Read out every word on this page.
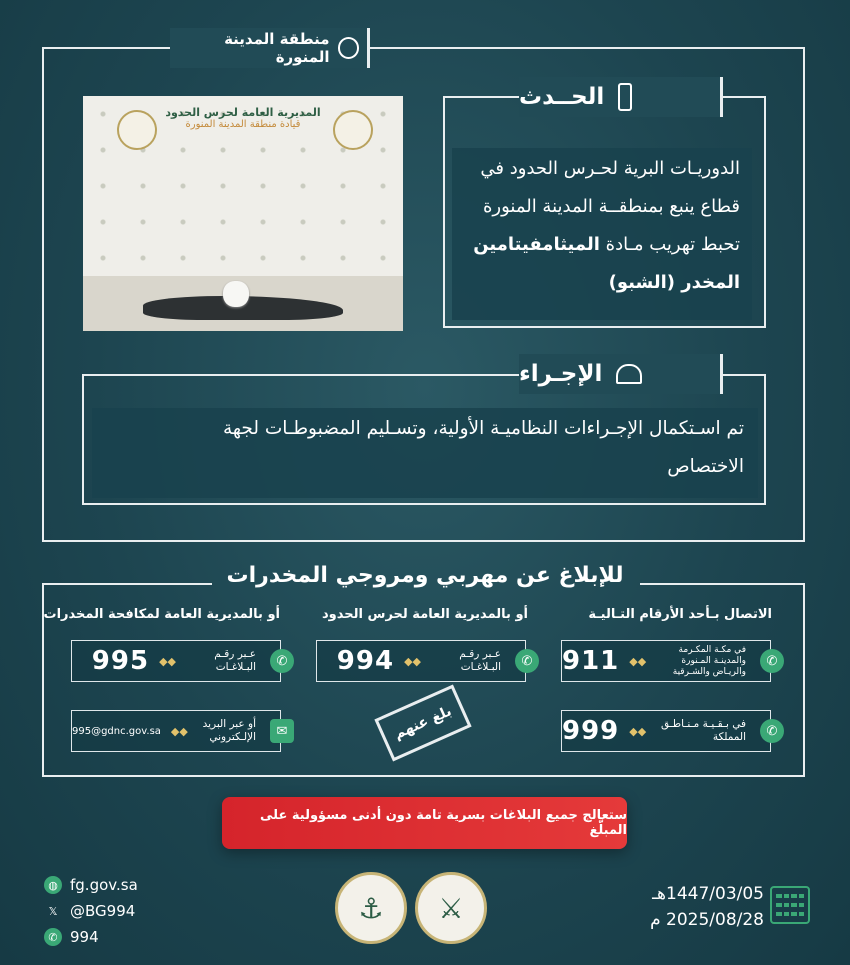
منطقة المدينة المنورة
المديرية العامة لحرس الحدود
قيادة منطقة المدينة المنورة
الحــدث
الدوريـات البرية لحـرس الحدود في
قطاع ينبع بمنطقــة المدينة المنورة
تحبط تهريب مـادة الميثامفيتامين
المخدر (الشبو)
الإجـراء
تم اسـتكمال الإجـراءات النظاميـة الأولية، وتسـليم المضبوطـات لجهة
الاختصاص
للإبلاغ عن مهربي ومروجي المخدرات
الاتصال بـأحد الأرقام التـاليـة
أو بالمديرية العامة لحرس الحدود
أو بالمديرية العامة لمكافحة المخدرات
✆
في مكـة المكـرمة والمدينـة المـنورة والريـاض والشـرقية
◆◆
911
✆
في بـقـيـة مـنـاطـق المملكة
◆◆
999
✆
عـبر رقـم البـلاغـات
◆◆
994
✆
عـبر رقـم البـلاغـات
◆◆
995
✉
أو عبر البريد الإلـكتروني
◆◆
995@gdnc.gov.sa	بلغ عنهم
ستعالج جميع البلاغات بسرية تامة دون أدنى مسؤولية على المبلّغ
◍ fg.gov.sa
𝕏 @BG994
✆ 994
⚓	⚔	1447/03/05هـ
2025/08/28 م
